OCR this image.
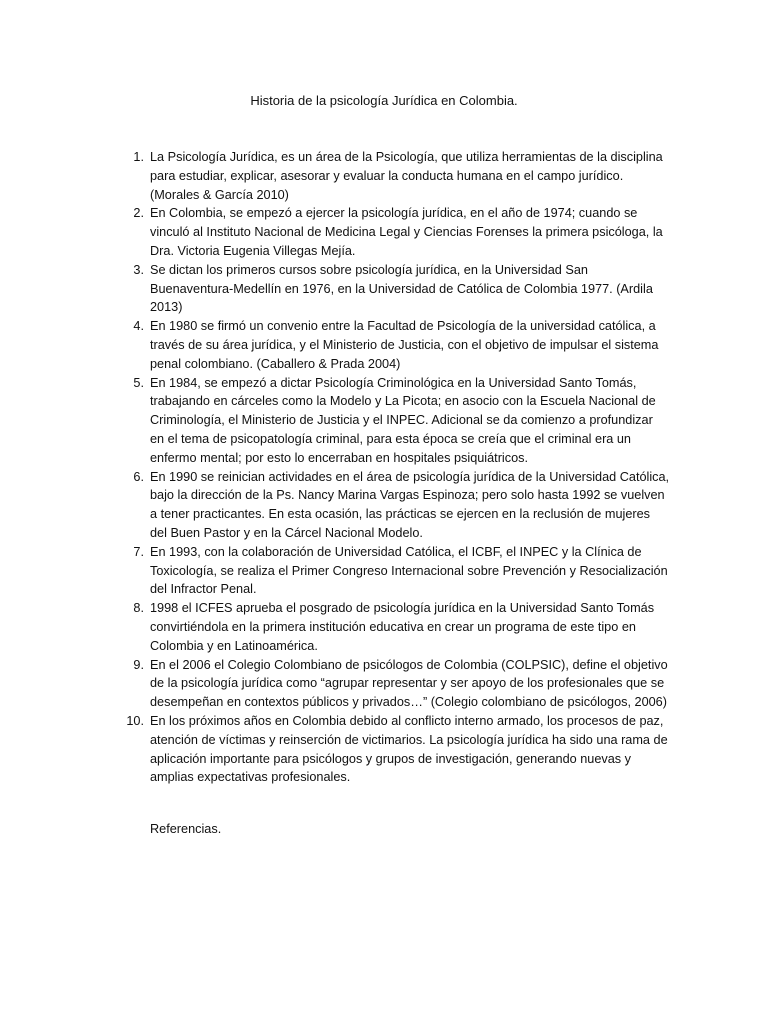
Historia de la psicología Jurídica en Colombia.
1. La Psicología Jurídica, es un área de la Psicología, que utiliza herramientas de la disciplina para estudiar, explicar, asesorar y evaluar la conducta humana en el campo jurídico. (Morales & García 2010)
2. En Colombia, se empezó a ejercer la psicología jurídica, en el año de 1974; cuando se vinculó al Instituto Nacional de Medicina Legal y Ciencias Forenses la primera psicóloga, la Dra. Victoria Eugenia Villegas Mejía.
3. Se dictan los primeros cursos sobre psicología jurídica, en la Universidad San Buenaventura-Medellín en 1976, en la Universidad de Católica de Colombia 1977. (Ardila 2013)
4. En 1980 se firmó un convenio entre la Facultad de Psicología de la universidad católica, a través de su área jurídica, y el Ministerio de Justicia, con el objetivo de impulsar el sistema penal colombiano. (Caballero & Prada 2004)
5. En 1984, se empezó a dictar Psicología Criminológica en la Universidad Santo Tomás, trabajando en cárceles como la Modelo y La Picota; en asocio con la Escuela Nacional de Criminología, el Ministerio de Justicia y el INPEC. Adicional se da comienzo a profundizar en el tema de psicopatología criminal, para esta época se creía que el criminal era un enfermo mental; por esto lo encerraban en hospitales psiquiátricos.
6. En 1990 se reinician actividades en el área de psicología jurídica de la Universidad Católica, bajo la dirección de la Ps. Nancy Marina Vargas Espinoza; pero solo hasta 1992 se vuelven a tener practicantes. En esta ocasión, las prácticas se ejercen en la reclusión de mujeres del Buen Pastor y en la Cárcel Nacional Modelo.
7. En 1993, con la colaboración de Universidad Católica, el ICBF, el INPEC y la Clínica de Toxicología, se realiza el Primer Congreso Internacional sobre Prevención y Resocialización del Infractor Penal.
8. 1998 el ICFES aprueba el posgrado de psicología jurídica en la Universidad Santo Tomás convirtiéndola en la primera institución educativa en crear un programa de este tipo en Colombia y en Latinoamérica.
9. En el 2006 el Colegio Colombiano de psicólogos de Colombia (COLPSIC), define el objetivo de la psicología jurídica como “agrupar representar y ser apoyo de los profesionales que se desempeñan en contextos públicos y privados…” (Colegio colombiano de psicólogos, 2006)
10. En los próximos años en Colombia debido al conflicto interno armado, los procesos de paz, atención de víctimas y reinserción de victimarios. La psicología jurídica ha sido una rama de aplicación importante para psicólogos y grupos de investigación, generando nuevas y amplias expectativas profesionales.
Referencias.
